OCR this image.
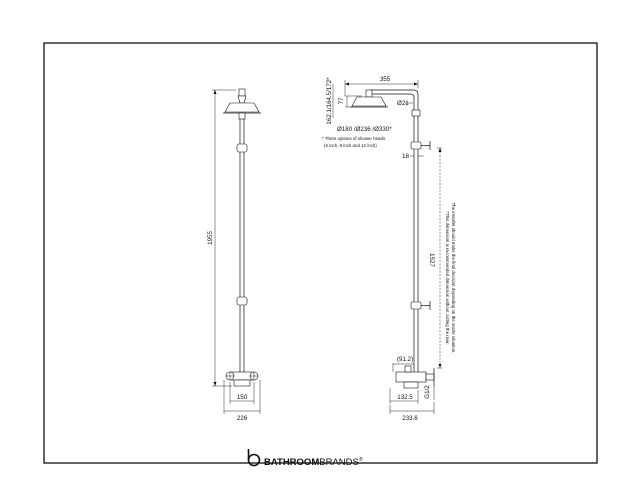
1955
150
226
355
77
162.1/164.5/172*
Ø180 /Ø236 /Ø330*
* Three options of shower heads
(6 inch, 9 inch and 12 inch)
Ø21
18
1527 *This dimension is recommended dimension without cutting the riser. The installer should make the final decision depending on the onsite situation.
(91.2)
G1/2
132.5
233.6
BATHROOMBRANDS®
